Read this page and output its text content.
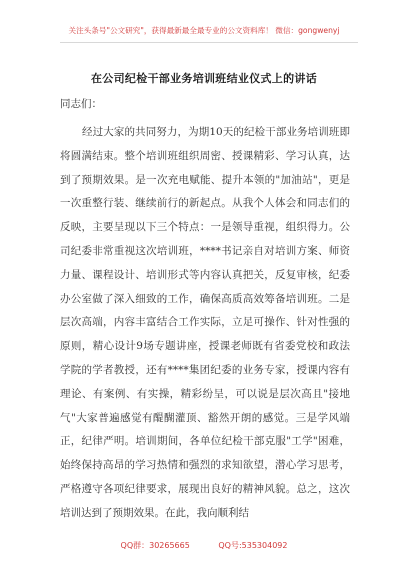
关注头条号"公文研究"，获得最新最全最专业的公文资料库！ 微信：gongwenyj
在公司纪检干部业务培训班结业仪式上的讲话
同志们：

经过大家的共同努力，为期10天的纪检干部业务培训班即将圆满结束。整个培训班组织周密、授课精彩、学习认真，达到了预期效果。是一次充电赋能、提升本领的"加油站"，更是一次重整行装、继续前行的新起点。从我个人体会和同志们的反映，主要呈现以下三个特点：一是领导重视，组织得力。公司纪委非常重视这次培训班，****书记亲自对培训方案、师资力量、课程设计、培训形式等内容认真把关，反复审核，纪委办公室做了深入细致的工作，确保高质高效筹备培训班。二是层次高端，内容丰富结合工作实际，立足可操作、针对性强的原则，精心设计9场专题讲座，授课老师既有省委党校和政法学院的学者教授，还有****集团纪委的业务专家，授课内容有理论、有案例、有实操，精彩纷呈，可以说是层次高且"接地气"大家普遍感觉有醍醐灌顶、豁然开朗的感觉。三是学风端正，纪律严明。培训期间，各单位纪检干部克服"工学"困难，始终保持高昂的学习热情和强烈的求知欲望，潜心学习思考，严格遵守各项纪律要求，展现出良好的精神风貌。总之，这次培训达到了预期效果。在此，我向顺利结

QQ群：30265665	QQ号:535304092
